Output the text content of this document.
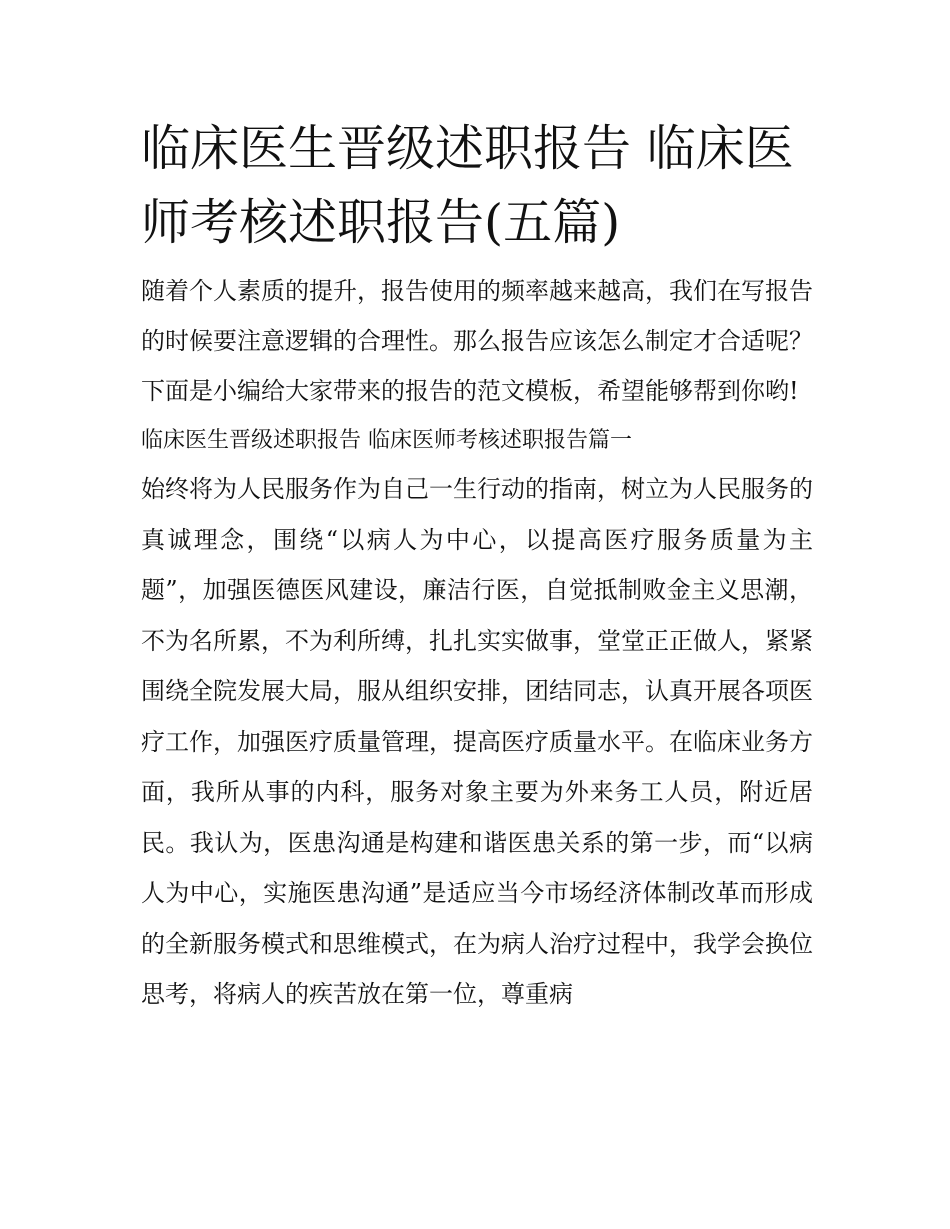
临床医生晋级述职报告 临床医师考核述职报告(五篇)

随着个人素质的提升，报告使用的频率越来越高，我们在写报告的时候要注意逻辑的合理性。那么报告应该怎么制定才合适呢？下面是小编给大家带来的报告的范文模板，希望能够帮到你哟!

临床医生晋级述职报告 临床医师考核述职报告篇一

始终将为人民服务作为自己一生行动的指南，树立为人民服务的真诚理念，围绕“以病人为中心，以提高医疗服务质量为主题”，加强医德医风建设，廉洁行医，自觉抵制败金主义思潮，不为名所累，不为利所缚，扎扎实实做事，堂堂正正做人，紧紧围绕全院发展大局，服从组织安排，团结同志，认真开展各项医疗工作，加强医疗质量管理，提高医疗质量水平。在临床业务方面，我所从事的内科，服务对象主要为外来务工人员，附近居民。我认为，医患沟通是构建和谐医患关系的第一步，而“以病人为中心，实施医患沟通”是适应当今市场经济体制改革而形成的全新服务模式和思维模式，在为病人治疗过程中，我学会换位思考，将病人的疾苦放在第一位，尊重病
